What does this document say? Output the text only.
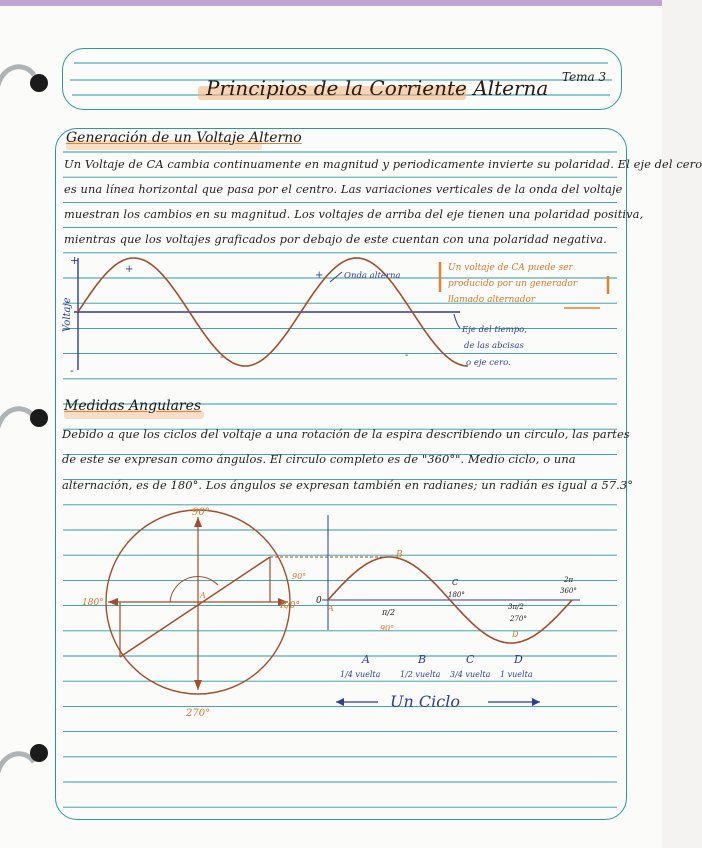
Principios de la Corriente Alterna Tema 3
Generación de un Voltaje Alterno
Un Voltaje de CA cambia continuamente en magnitud y periodicamente invierte su polaridad. El eje del cero
es una línea horizontal que pasa por el centro. Las variaciones verticales de la onda del voltaje
muestran los cambios en su magnitud. Los voltajes de arriba del eje tienen una polaridad positiva,
mientras que los voltajes graficados por debajo de este cuentan con una polaridad negativa.
+
-
+
+
-	-
Voltaje
Onda alterna
Eje del tiempo,
de las abcisas
o eje cero.
Un voltaje de CA puede ser
producido por un generador
llamado alternador
Medidas Angulares
Debido a que los ciclos del voltaje a una rotación de la espira describiendo un circulo, las partes
de este se expresan como ángulos. El circulo completo es de "360°". Medio ciclo, o una
alternación, es de 180°. Los ángulos se expresan también en radianes; un radián es igual a 57.3°
90°
180°
270°
R/0°
A
90°
0
A
B
π/2
90°
C
180°
3π/2
270°
D
2π
360°
A
1/4 vuelta
B
1/2 vuelta
C
3/4 vuelta
D
1 vuelta
Un Ciclo
